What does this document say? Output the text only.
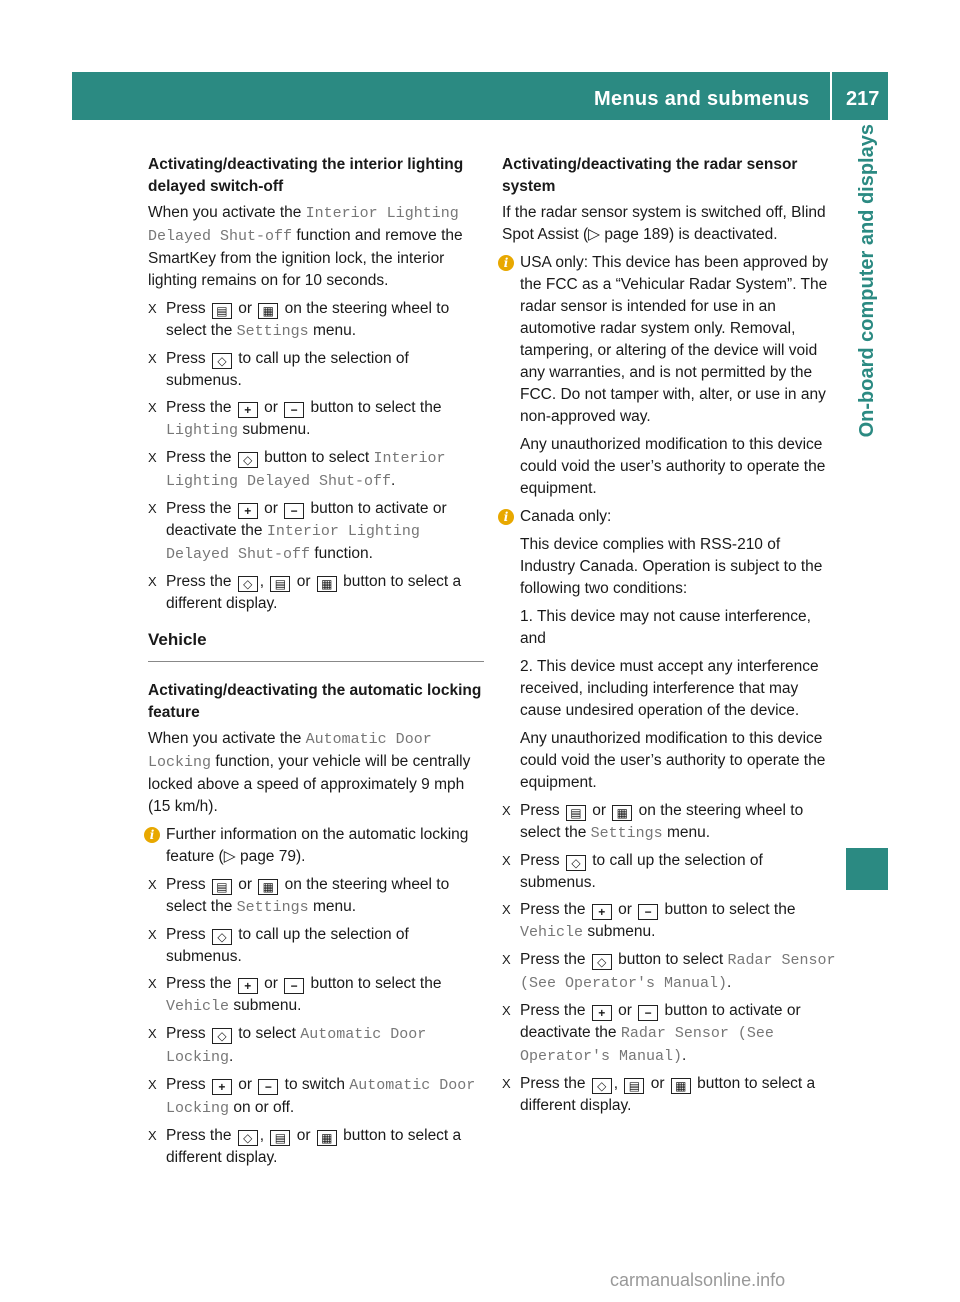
Menus and submenus 217
On-board computer and displays
Activating/deactivating the interior lighting delayed switch-off

When you activate the Interior Lighting Delayed Shut-off function and remove the SmartKey from the ignition lock, the interior lighting remains on for 10 seconds.

X Press ▤ or ▦ on the steering wheel to select the Settings menu.
X Press ◇ to call up the selection of submenus.
X Press the + or − button to select the Lighting submenu.
X Press the ◇ button to select Interior Lighting Delayed Shut-off.
X Press the + or − button to activate or deactivate the Interior Lighting Delayed Shut-off function.
X Press the ◇ , ▤ or ▦ button to select a different display.
Vehicle
Activating/deactivating the automatic locking feature

When you activate the Automatic Door Locking function, your vehicle will be centrally locked above a speed of approximately 9 mph (15 km/h).

i Further information on the automatic locking feature (▷ page 79).

X Press ▤ or ▦ on the steering wheel to select the Settings menu.
X Press ◇ to call up the selection of submenus.
X Press the + or − button to select the Vehicle submenu.
X Press ◇ to select Automatic Door Locking.
X Press + or − to switch Automatic Door Locking on or off.
X Press the ◇ , ▤ or ▦ button to select a different display.
Activating/deactivating the radar sensor system

If the radar sensor system is switched off, Blind Spot Assist (▷ page 189) is deactivated.

i USA only: This device has been approved by the FCC as a “Vehicular Radar System”. The radar sensor is intended for use in an automotive radar system only. Removal, tampering, or altering of the device will void any warranties, and is not permitted by the FCC. Do not tamper with, alter, or use in any non-approved way.

Any unauthorized modification to this device could void the user’s authority to operate the equipment.

i Canada only:

This device complies with RSS-210 of Industry Canada. Operation is subject to the following two conditions:

1. This device may not cause interference, and

2. This device must accept any interference received, including interference that may cause undesired operation of the device.

Any unauthorized modification to this device could void the user’s authority to operate the equipment.

X Press ▤ or ▦ on the steering wheel to select the Settings menu.
X Press ◇ to call up the selection of submenus.
X Press the + or − button to select the Vehicle submenu.
X Press the ◇ button to select Radar Sensor (See Operator's Manual).
X Press the + or − button to activate or deactivate the Radar Sensor (See Operator's Manual).
X Press the ◇ , ▤ or ▦ button to select a different display.
carmanualsonline.info
